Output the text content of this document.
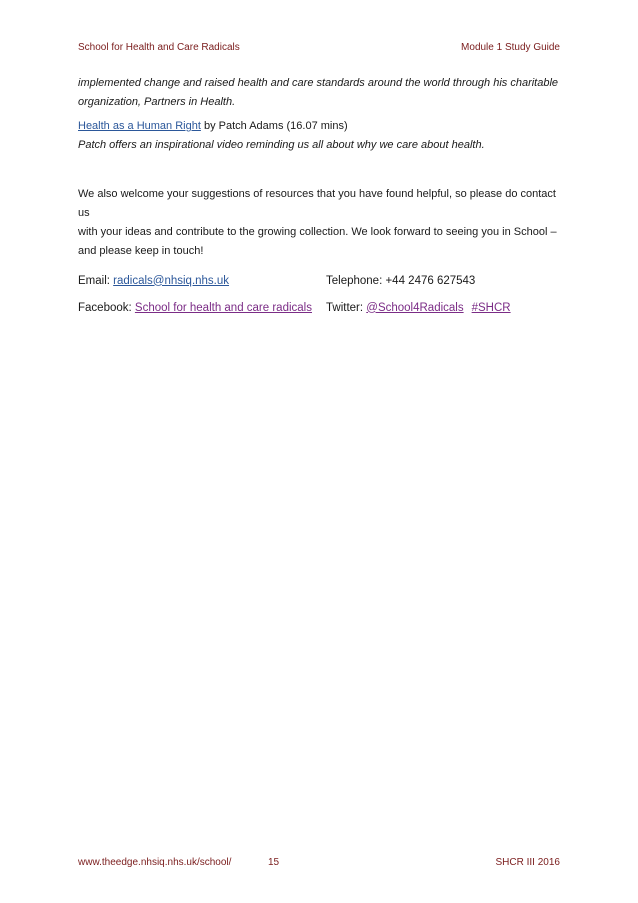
School for Health and Care Radicals	Module 1 Study Guide

implemented change and raised health and care standards around the world through his charitable

organization, Partners in Health.

Health as a Human Right by Patch Adams (16.07 mins)

Patch offers an inspirational video reminding us all about why we care about health.

We also welcome your suggestions of resources that you have found helpful, so please do contact us

with your ideas and contribute to the growing collection. We look forward to seeing you in School –

and please keep in touch!

Email: radicals@nhsiq.nhs.uk	Telephone: +44 2476 627543
Facebook: School for health and care radicals	Twitter: @School4Radicals #SHCR
www.theedge.nhsiq.nhs.uk/school/	15	SHCR III 2016
